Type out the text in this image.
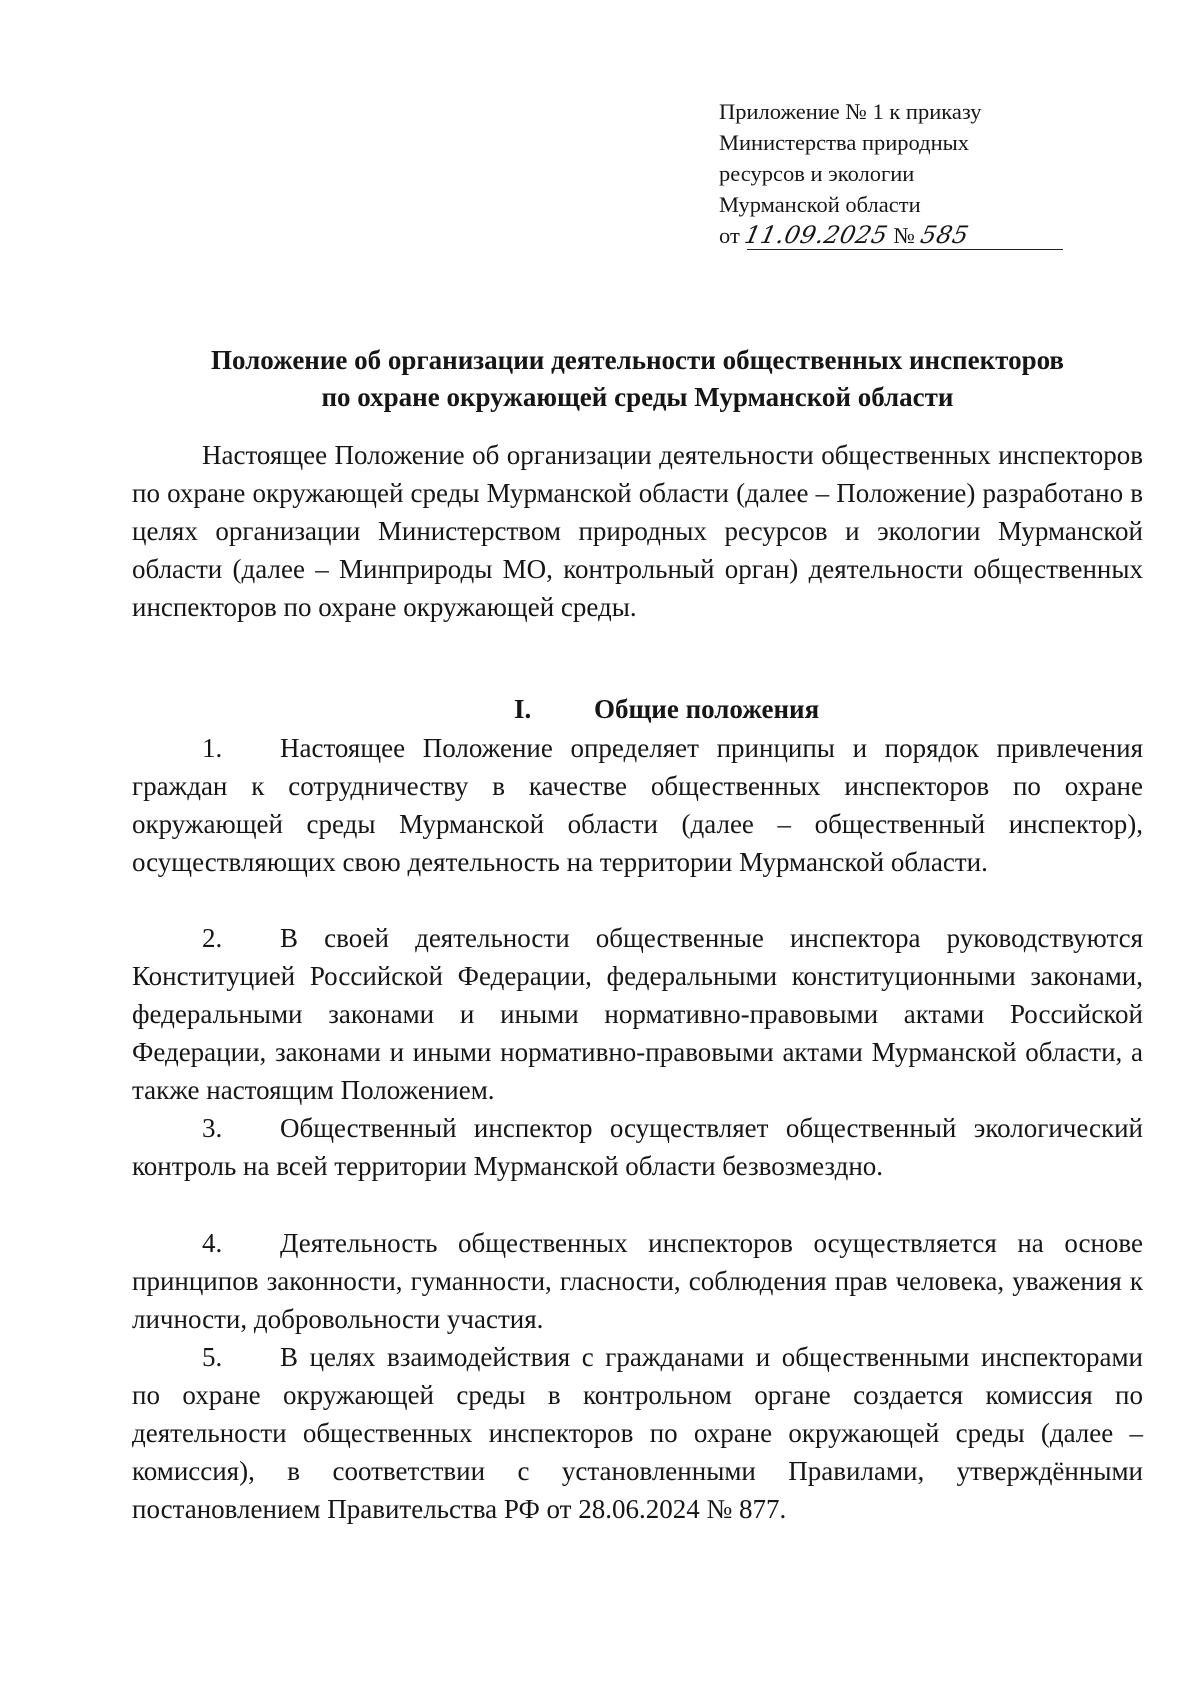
Приложение № 1 к приказу
Министерства природных
ресурсов и экологии
Мурманской области
от 11.09.2025 № 585
Положение об организации деятельности общественных инспекторов
по охране окружающей среды Мурманской области

Настоящее Положение об организации деятельности общественных инспекторов по охране окружающей среды Мурманской области (далее – Положение) разработано в целях организации Министерством природных ресурсов и экологии Мурманской области (далее – Минприроды МО, контрольный орган) деятельности общественных инспекторов по охране окружающей среды.

I. Общие положения

1. Настоящее Положение определяет принципы и порядок привлечения граждан к сотрудничеству в качестве общественных инспекторов по охране окружающей среды Мурманской области (далее – общественный инспектор), осуществляющих свою деятельность на территории Мурманской области.

2. В своей деятельности общественные инспектора руководствуются Конституцией Российской Федерации, федеральными конституционными законами, федеральными законами и иными нормативно-правовыми актами Российской Федерации, законами и иными нормативно-правовыми актами Мурманской области, а также настоящим Положением.

3. Общественный инспектор осуществляет общественный экологический контроль на всей территории Мурманской области безвозмездно.

4. Деятельность общественных инспекторов осуществляется на основе принципов законности, гуманности, гласности, соблюдения прав человека, уважения к личности, добровольности участия.

5. В целях взаимодействия с гражданами и общественными инспекторами по охране окружающей среды в контрольном органе создается комиссия по деятельности общественных инспекторов по охране окружающей среды (далее – комиссия), в соответствии с установленными Правилами, утверждёнными постановлением Правительства РФ от 28.06.2024 № 877.
